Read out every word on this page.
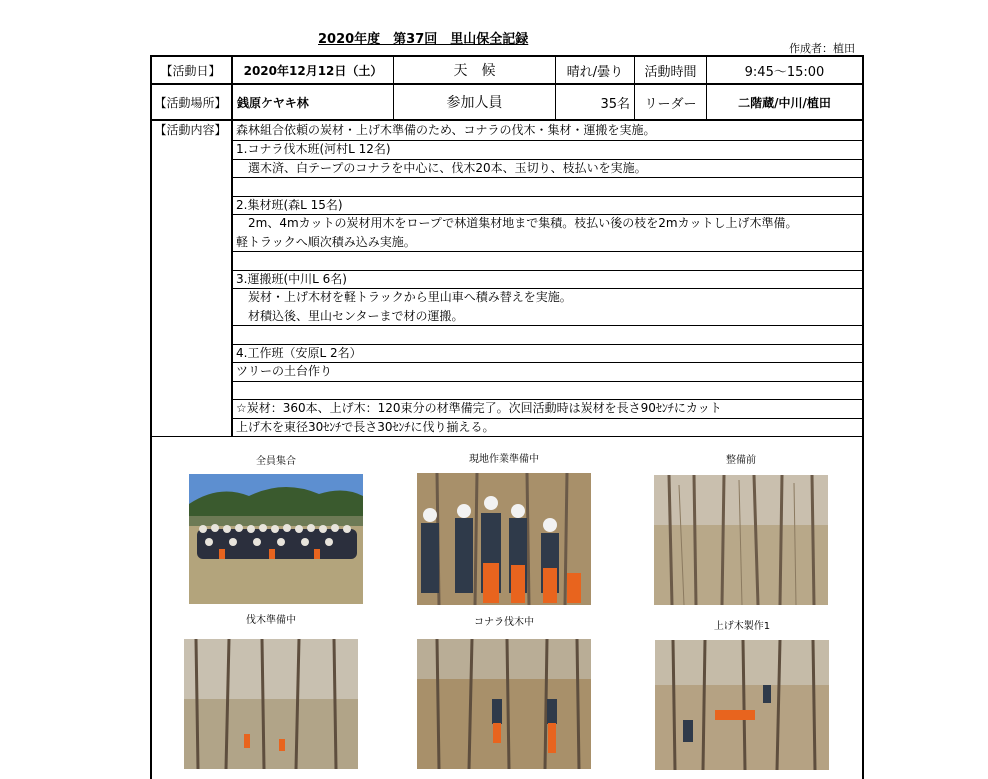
2020年度　第37回　里山保全記録
作成者：植田
【活動日】	2020年12月12日（土）	天　候	晴れ/曇り	活動時間	9:45～15:00
【活動場所】 銭原ケヤキ林	参加人員	35名	リーダー	二階蔵/中川/植田
【活動内容】 森林組合依頼の炭材・上げ木準備のため、コナラの伐木・集材・運搬を実施。
1.コナラ伐木班(河村L 12名)
　選木済、白テープのコナラを中心に、伐木20本、玉切り、枝払いを実施。
2.集材班(森L 15名)
　2m、4mカットの炭材用木をロープで林道集材地まで集積。枝払い後の枝を2mカットし上げ木準備。
軽トラックへ順次積み込み実施。
3.運搬班(中川L 6名)
　炭材・上げ木材を軽トラックから里山車へ積み替えを実施。
　材積込後、里山センターまで材の運搬。
4.工作班（安原L 2名）
ツリーの土台作り
☆炭材：360本、上げ木：120束分の材準備完了。次回活動時は炭材を長さ90ｾﾝﾁにカット
上げ木を東径30ｾﾝﾁで長さ30ｾﾝﾁに伐り揃える。
全員集合	現地作業準備中	整備前
伐木準備中	コナラ伐木中	上げ木製作1
